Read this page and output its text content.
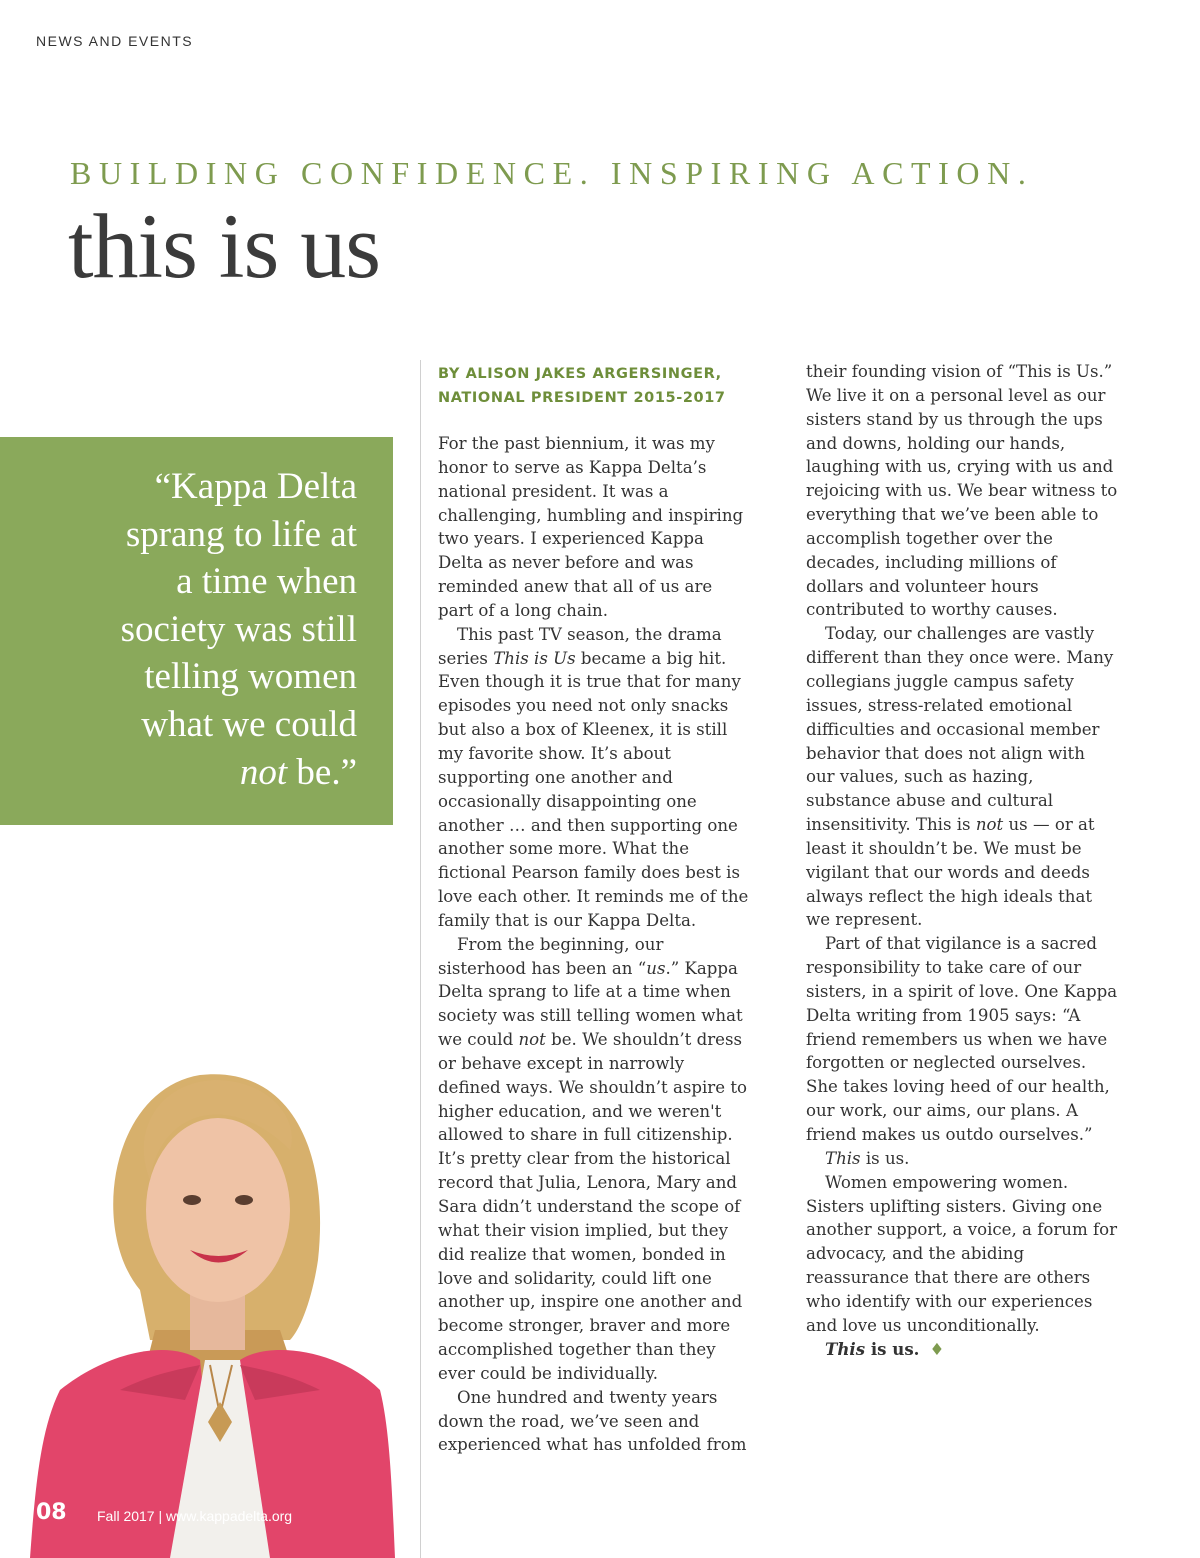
NEWS AND EVENTS
BUILDING CONFIDENCE. INSPIRING ACTION.
this is us
“Kappa Delta
sprang to life at
a time when
society was still
telling women
what we could
not be.”
BY ALISON JAKES ARGERSINGER,
NATIONAL PRESIDENT 2015-2017

For the past biennium, it was my
honor to serve as Kappa Delta’s
national president. It was a
challenging, humbling and inspiring
two years. I experienced Kappa
Delta as never before and was
reminded anew that all of us are
part of a long chain.

This past TV season, the drama
series This is Us became a big hit.
Even though it is true that for many
episodes you need not only snacks
but also a box of Kleenex, it is still
my favorite show. It’s about
supporting one another and
occasionally disappointing one
another … and then supporting one
another some more. What the
fictional Pearson family does best is
love each other. It reminds me of the
family that is our Kappa Delta.

From the beginning, our
sisterhood has been an “us.” Kappa
Delta sprang to life at a time when
society was still telling women what
we could not be. We shouldn’t dress
or behave except in narrowly
defined ways. We shouldn’t aspire to
higher education, and we weren't
allowed to share in full citizenship.
It’s pretty clear from the historical
record that Julia, Lenora, Mary and
Sara didn’t understand the scope of
what their vision implied, but they
did realize that women, bonded in
love and solidarity, could lift one
another up, inspire one another and
become stronger, braver and more
accomplished together than they
ever could be individually.

One hundred and twenty years
down the road, we’ve seen and
experienced what has unfolded from

their founding vision of “This is Us.”
We live it on a personal level as our
sisters stand by us through the ups
and downs, holding our hands,
laughing with us, crying with us and
rejoicing with us. We bear witness to
everything that we’ve been able to
accomplish together over the
decades, including millions of
dollars and volunteer hours
contributed to worthy causes.

Today, our challenges are vastly
different than they once were. Many
collegians juggle campus safety
issues, stress-related emotional
difficulties and occasional member
behavior that does not align with
our values, such as hazing,
substance abuse and cultural
insensitivity. This is not us — or at
least it shouldn’t be. We must be
vigilant that our words and deeds
always reflect the high ideals that
we represent.

Part of that vigilance is a sacred
responsibility to take care of our
sisters, in a spirit of love. One Kappa
Delta writing from 1905 says: “A
friend remembers us when we have
forgotten or neglected ourselves.
She takes loving heed of our health,
our work, our aims, our plans. A
friend makes us outdo ourselves.”

This is us.

Women empowering women.
Sisters uplifting sisters. Giving one
another support, a voice, a forum for
advocacy, and the abiding
reassurance that there are others
who identify with our experiences
and love us unconditionally.

This is us. ♦

08 Fall 2017 | www.kappadelta.org
